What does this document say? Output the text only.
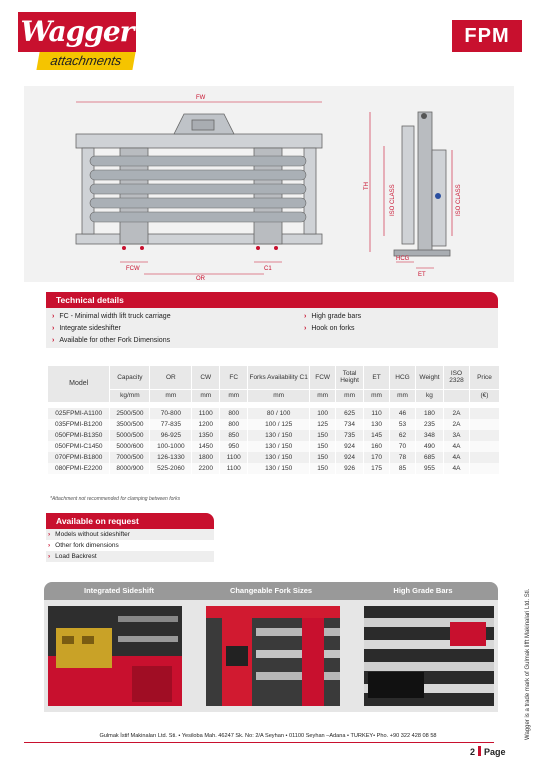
Wagger
attachments
FPM
FW
FCW
OR
C1
TH	ISO CLASS	ISO CLASS
HCG
ET
Technical details
› FC - Minimal width lift truck carriage
› Integrate sideshifter
› Available for other Fork Dimensions
› High grade bars
› Hook on forks
Model	Capacity	OR	CW	FC	Forks Availability C1	FCW	Total Height	ET	HCG	Weight	ISO 2328	Price
	kg/mm	mm	mm	mm	mm	mm	mm	mm	mm	kg		(€)

025FPMI-A1100	2500/500	70-800	1100	800	80 / 100	100	625	110	46	180	2A	
035FPMI-B1200	3500/500	77-835	1200	800	100 / 125	125	734	130	53	235	2A	
050FPMI-B1350	5000/500	96-925	1350	850	130 / 150	150	735	145	62	348	3A	
050FPMI-C1450	5000/600	100-1000	1450	950	130 / 150	150	924	160	70	490	4A	
070FPMI-B1800	7000/500	126-1330	1800	1100	130 / 150	150	924	170	78	685	4A	
080FPMI-E2200	8000/900	525-2060	2200	1100	130 / 150	150	926	175	85	955	4A	
*Attachment not recommended for clamping between forks
Available on request
› Models without sideshifter
› Other fork dimensions
› Load Backrest
Integrated Sideshift	Changeable Fork Sizes	High Grade Bars	Wagger is a trade mark of Gulmak lifft Makinalari Ltd. Sti.
Gulmak İstif Makinaları Ltd. Sti. • Yesiloba Mah. 46247 Sk. No: 2/A Seyhan • 01100 Seyhan –Adana • TURKEY• Pho. +90 322 428 08 58
2 Page
